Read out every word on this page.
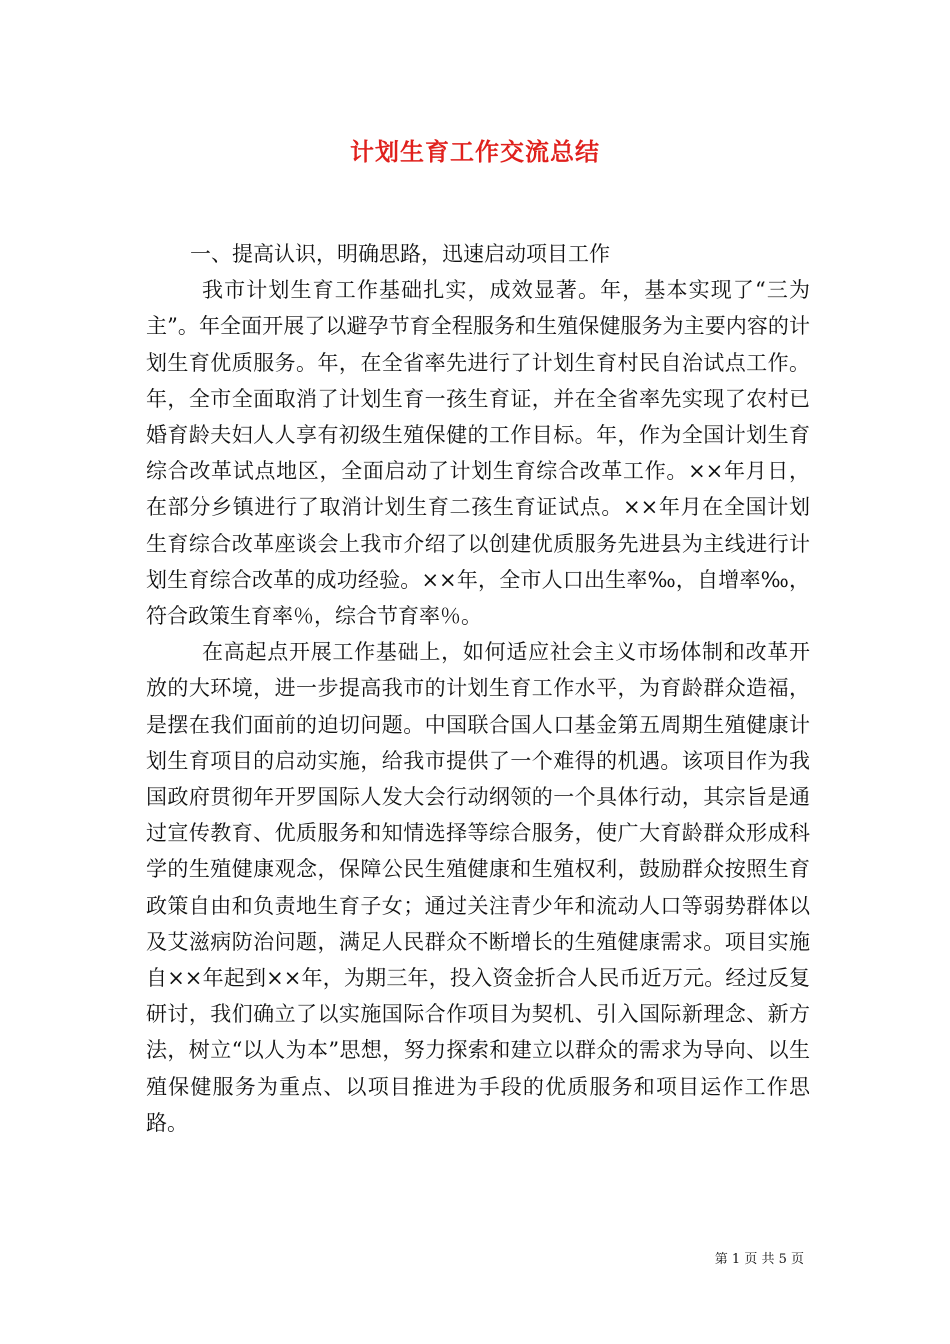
计划生育工作交流总结

一、提高认识，明确思路，迅速启动项目工作

我市计划生育工作基础扎实，成效显著。年，基本实现了“三为主”。年全面开展了以避孕节育全程服务和生殖保健服务为主要内容的计划生育优质服务。年，在全省率先进行了计划生育村民自治试点工作。年，全市全面取消了计划生育一孩生育证，并在全省率先实现了农村已婚育龄夫妇人人享有初级生殖保健的工作目标。年，作为全国计划生育综合改革试点地区，全面启动了计划生育综合改革工作。××年月日，在部分乡镇进行了取消计划生育二孩生育证试点。××年月在全国计划生育综合改革座谈会上我市介绍了以创建优质服务先进县为主线进行计划生育综合改革的成功经验。××年，全市人口出生率‰，自增率‰，符合政策生育率％，综合节育率％。

在高起点开展工作基础上，如何适应社会主义市场体制和改革开放的大环境，进一步提高我市的计划生育工作水平，为育龄群众造福，是摆在我们面前的迫切问题。中国联合国人口基金第五周期生殖健康计划生育项目的启动实施，给我市提供了一个难得的机遇。该项目作为我国政府贯彻年开罗国际人发大会行动纲领的一个具体行动，其宗旨是通过宣传教育、优质服务和知情选择等综合服务，使广大育龄群众形成科学的生殖健康观念，保障公民生殖健康和生殖权利，鼓励群众按照生育政策自由和负责地生育子女；通过关注青少年和流动人口等弱势群体以及艾滋病防治问题，满足人民群众不断增长的生殖健康需求。项目实施自××年起到××年，为期三年，投入资金折合人民币近万元。经过反复研讨，我们确立了以实施国际合作项目为契机、引入国际新理念、新方法，树立“以人为本”思想，努力探索和建立以群众的需求为导向、以生殖保健服务为重点、以项目推进为手段的优质服务和项目运作工作思路。

第 1 页 共 5 页
